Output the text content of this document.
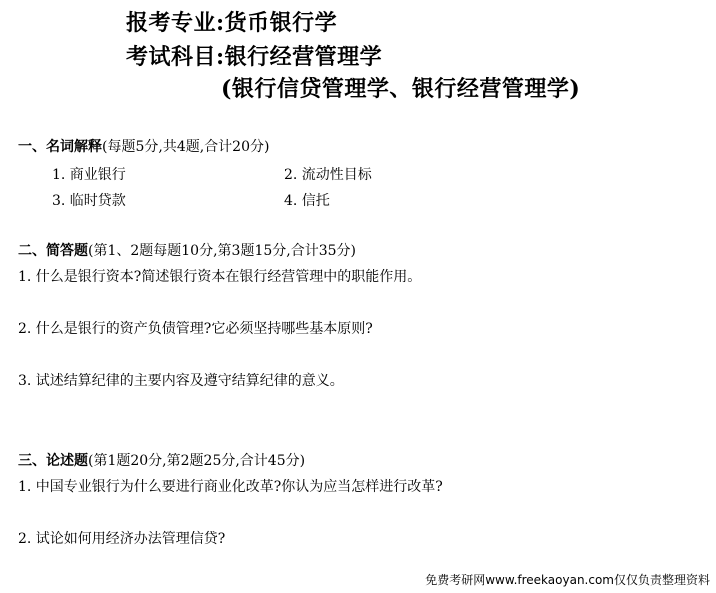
报考专业:货币银行学
考试科目:银行经营管理学
(银行信贷管理学、银行经营管理学)
一、名词解释(每题5分,共4题,合计20分)
1. 商业银行	2. 流动性目标
3. 临时贷款	4. 信托
二、简答题(第1、2题每题10分,第3题15分,合计35分)
1. 什么是银行资本?简述银行资本在银行经营管理中的职能作用。
2. 什么是银行的资产负债管理?它必须坚持哪些基本原则?
3. 试述结算纪律的主要内容及遵守结算纪律的意义。
三、论述题(第1题20分,第2题25分,合计45分)
1. 中国专业银行为什么要进行商业化改革?你认为应当怎样进行改革?
2. 试论如何用经济办法管理信贷?
免费考研网www.freekaoyan.com仅仅负责整理资料
